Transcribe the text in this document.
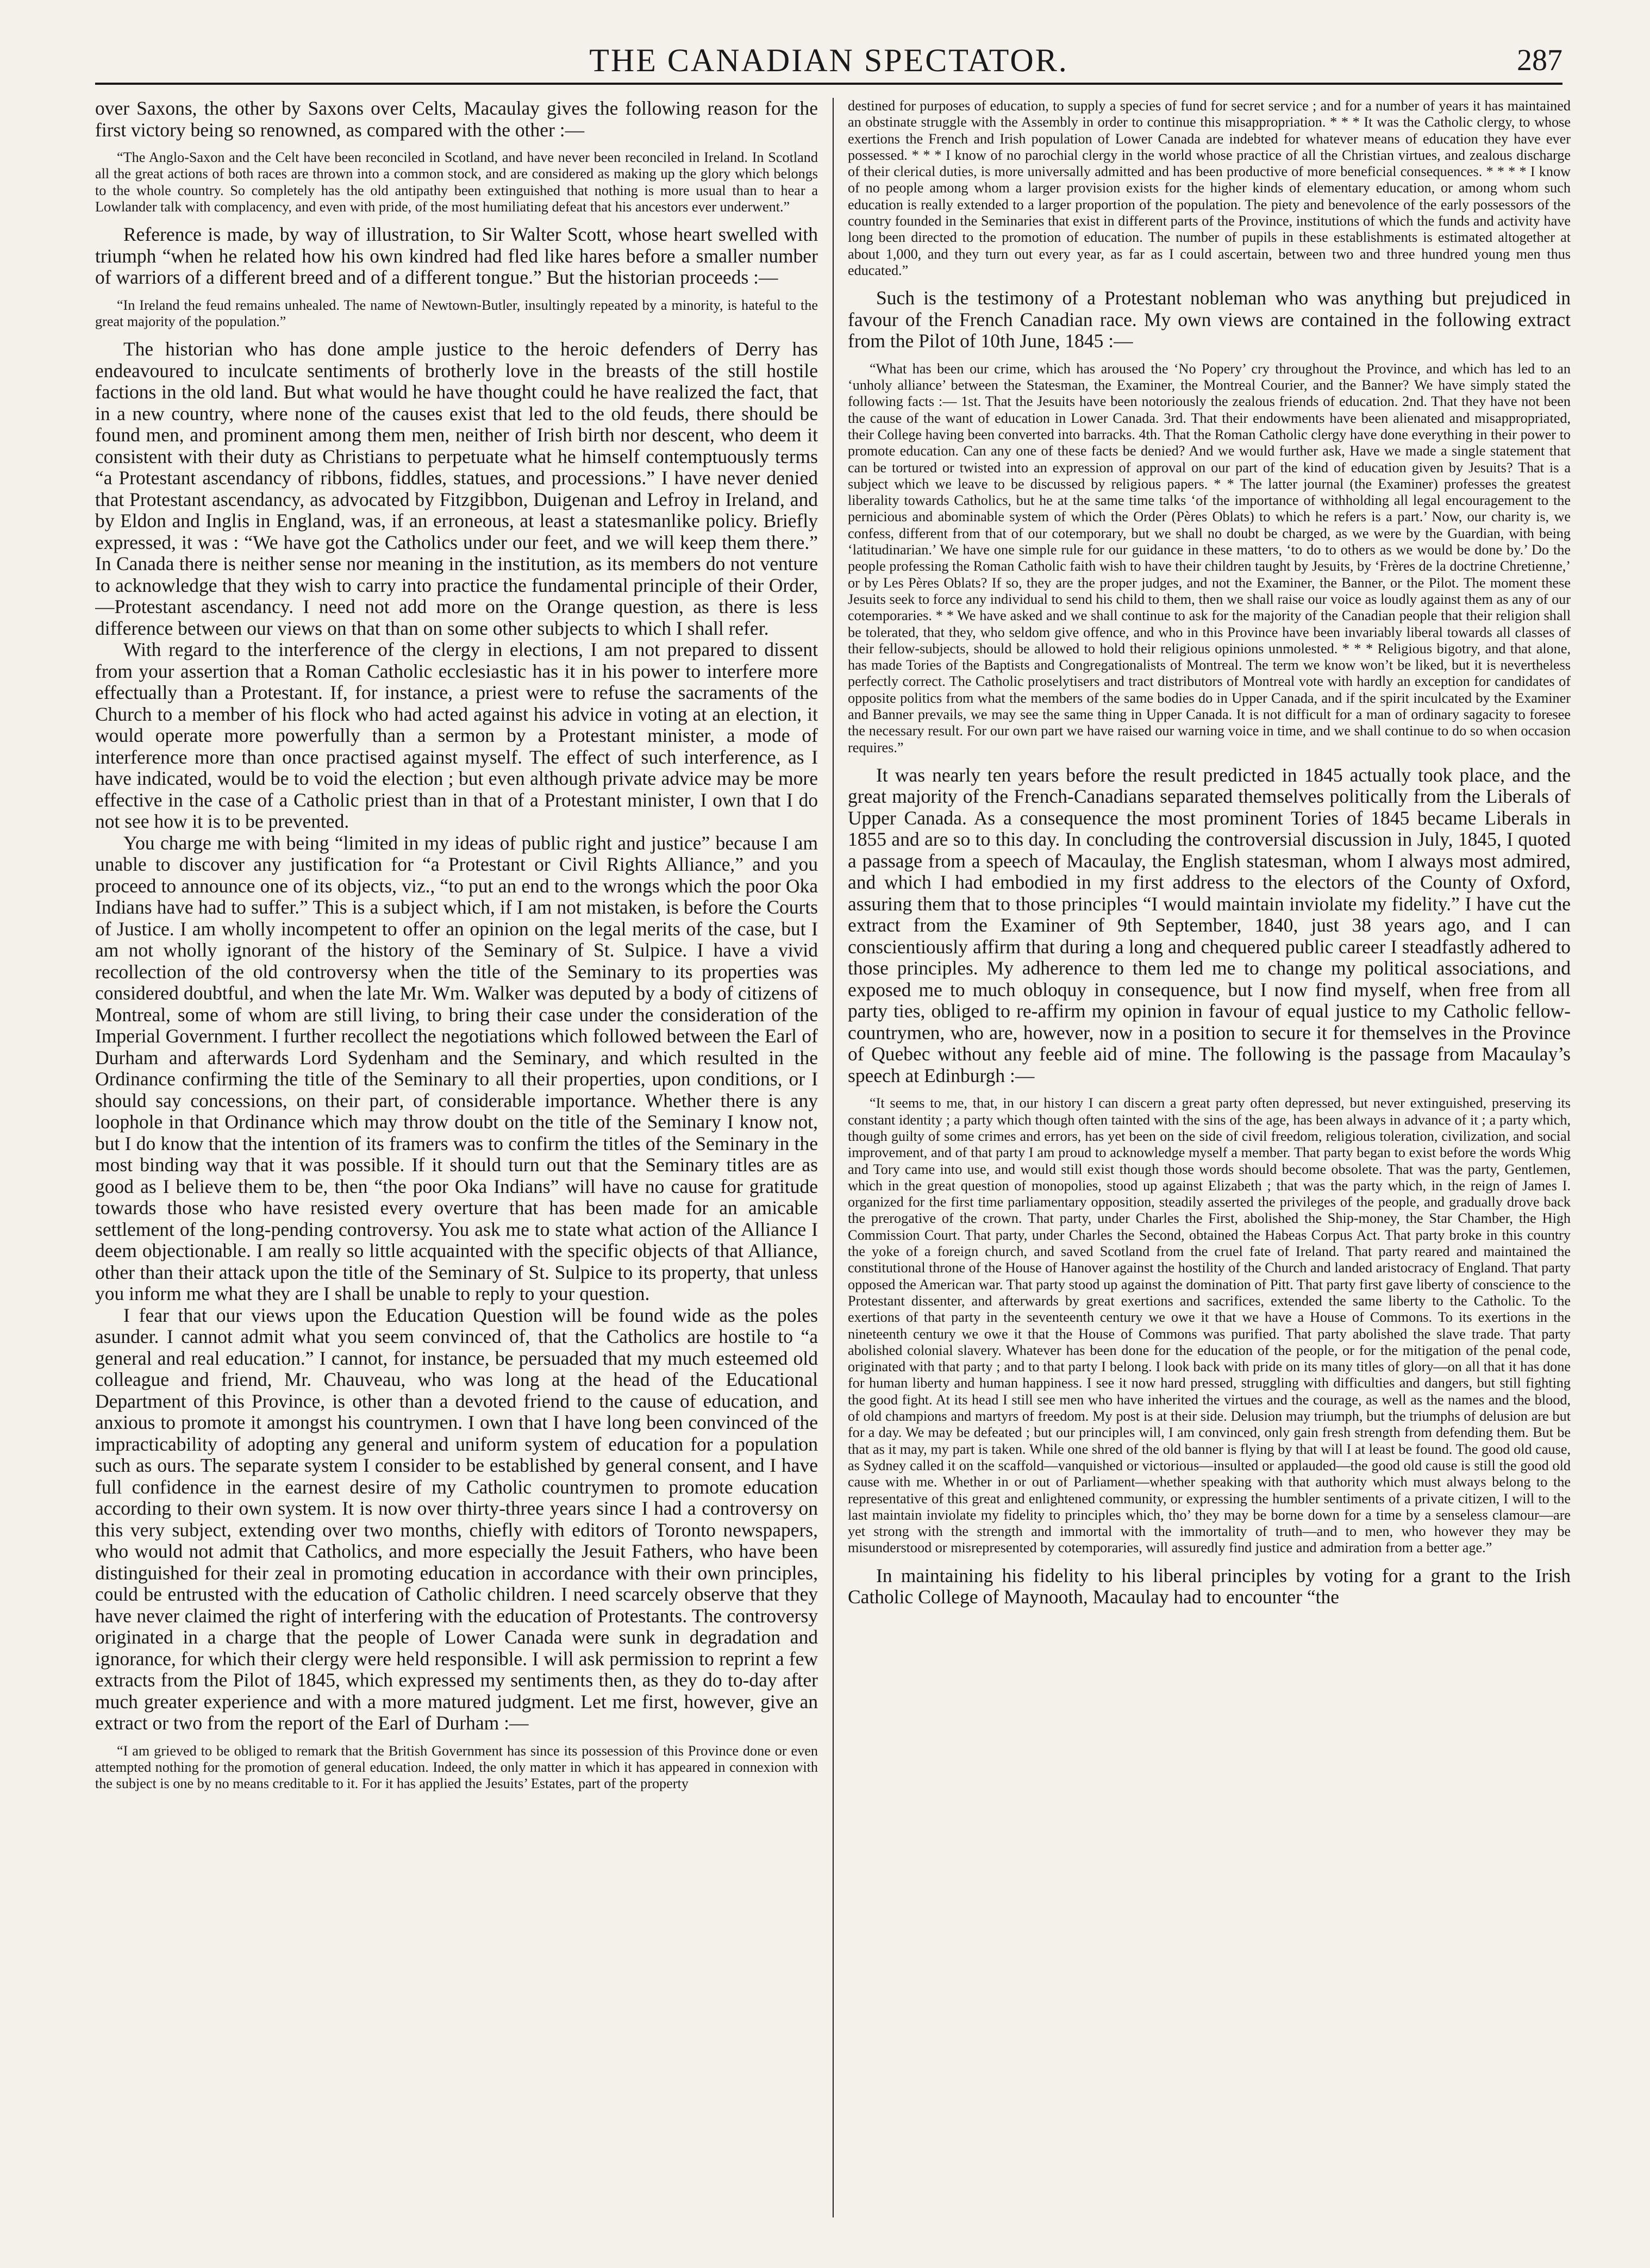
THE CANADIAN SPECTATOR.	287

over Saxons, the other by Saxons over Celts, Macaulay gives the following reason for the first victory being so renowned, as compared with the other :—

“The Anglo-Saxon and the Celt have been reconciled in Scotland, and have never been reconciled in Ireland. In Scotland all the great actions of both races are thrown into a common stock, and are considered as making up the glory which belongs to the whole country. So completely has the old antipathy been extinguished that nothing is more usual than to hear a Lowlander talk with complacency, and even with pride, of the most humiliating defeat that his ancestors ever underwent.”

Reference is made, by way of illustration, to Sir Walter Scott, whose heart swelled with triumph “when he related how his own kindred had fled like hares before a smaller number of warriors of a different breed and of a different tongue.” But the historian proceeds :—

“In Ireland the feud remains unhealed. The name of Newtown-Butler, insultingly repeated by a minority, is hateful to the great majority of the population.”

The historian who has done ample justice to the heroic defenders of Derry has endeavoured to inculcate sentiments of brotherly love in the breasts of the still hostile factions in the old land. But what would he have thought could he have realized the fact, that in a new country, where none of the causes exist that led to the old feuds, there should be found men, and prominent among them men, neither of Irish birth nor descent, who deem it consistent with their duty as Christians to perpetuate what he himself contemptuously terms “a Protestant ascendancy of ribbons, fiddles, statues, and processions.” I have never denied that Protestant ascendancy, as advocated by Fitzgibbon, Duigenan and Lefroy in Ireland, and by Eldon and Inglis in England, was, if an erroneous, at least a statesmanlike policy. Briefly expressed, it was : “We have got the Catholics under our feet, and we will keep them there.” In Canada there is neither sense nor meaning in the institution, as its members do not venture to acknowledge that they wish to carry into practice the fundamental principle of their Order,—Protestant ascendancy. I need not add more on the Orange question, as there is less difference between our views on that than on some other subjects to which I shall refer.

With regard to the interference of the clergy in elections, I am not prepared to dissent from your assertion that a Roman Catholic ecclesiastic has it in his power to interfere more effectually than a Protestant. If, for instance, a priest were to refuse the sacraments of the Church to a member of his flock who had acted against his advice in voting at an election, it would operate more powerfully than a sermon by a Protestant minister, a mode of interference more than once practised against myself. The effect of such interference, as I have indicated, would be to void the election ; but even although private advice may be more effective in the case of a Catholic priest than in that of a Protestant minister, I own that I do not see how it is to be prevented.

You charge me with being “limited in my ideas of public right and justice” because I am unable to discover any justification for “a Protestant or Civil Rights Alliance,” and you proceed to announce one of its objects, viz., “to put an end to the wrongs which the poor Oka Indians have had to suffer.” This is a subject which, if I am not mistaken, is before the Courts of Justice. I am wholly incompetent to offer an opinion on the legal merits of the case, but I am not wholly ignorant of the history of the Seminary of St. Sulpice. I have a vivid recollection of the old controversy when the title of the Seminary to its properties was considered doubtful, and when the late Mr. Wm. Walker was deputed by a body of citizens of Montreal, some of whom are still living, to bring their case under the consideration of the Imperial Government. I further recollect the negotiations which followed between the Earl of Durham and afterwards Lord Sydenham and the Seminary, and which resulted in the Ordinance confirming the title of the Seminary to all their properties, upon conditions, or I should say concessions, on their part, of considerable importance. Whether there is any loophole in that Ordinance which may throw doubt on the title of the Seminary I know not, but I do know that the intention of its framers was to confirm the titles of the Seminary in the most binding way that it was possible. If it should turn out that the Seminary titles are as good as I believe them to be, then “the poor Oka Indians” will have no cause for gratitude towards those who have resisted every overture that has been made for an amicable settlement of the long-pending controversy. You ask me to state what action of the Alliance I deem objectionable. I am really so little acquainted with the specific objects of that Alliance, other than their attack upon the title of the Seminary of St. Sulpice to its property, that unless you inform me what they are I shall be unable to reply to your question.

I fear that our views upon the Education Question will be found wide as the poles asunder. I cannot admit what you seem convinced of, that the Catholics are hostile to “a general and real education.” I cannot, for instance, be persuaded that my much esteemed old colleague and friend, Mr. Chauveau, who was long at the head of the Educational Department of this Province, is other than a devoted friend to the cause of education, and anxious to promote it amongst his countrymen. I own that I have long been convinced of the impracticability of adopting any general and uniform system of education for a population such as ours. The separate system I consider to be established by general consent, and I have full confidence in the earnest desire of my Catholic countrymen to promote education according to their own system. It is now over thirty-three years since I had a controversy on this very subject, extending over two months, chiefly with editors of Toronto newspapers, who would not admit that Catholics, and more especially the Jesuit Fathers, who have been distinguished for their zeal in promoting education in accordance with their own principles, could be entrusted with the education of Catholic children. I need scarcely observe that they have never claimed the right of interfering with the education of Protestants. The controversy originated in a charge that the people of Lower Canada were sunk in degradation and ignorance, for which their clergy were held responsible. I will ask permission to reprint a few extracts from the Pilot of 1845, which expressed my sentiments then, as they do to-day after much greater experience and with a more matured judgment. Let me first, however, give an extract or two from the report of the Earl of Durham :—

“I am grieved to be obliged to remark that the British Government has since its possession of this Province done or even attempted nothing for the promotion of general education. Indeed, the only matter in which it has appeared in connexion with the subject is one by no means creditable to it. For it has applied the Jesuits’ Estates, part of the property

destined for purposes of education, to supply a species of fund for secret service ; and for a number of years it has maintained an obstinate struggle with the Assembly in order to continue this misappropriation. * * * It was the Catholic clergy, to whose exertions the French and Irish population of Lower Canada are indebted for whatever means of education they have ever possessed. * * * I know of no parochial clergy in the world whose practice of all the Christian virtues, and zealous discharge of their clerical duties, is more universally admitted and has been productive of more beneficial consequences. * * * * I know of no people among whom a larger provision exists for the higher kinds of elementary education, or among whom such education is really extended to a larger proportion of the population. The piety and benevolence of the early possessors of the country founded in the Seminaries that exist in different parts of the Province, institutions of which the funds and activity have long been directed to the promotion of education. The number of pupils in these establishments is estimated altogether at about 1,000, and they turn out every year, as far as I could ascertain, between two and three hundred young men thus educated.”

Such is the testimony of a Protestant nobleman who was anything but prejudiced in favour of the French Canadian race. My own views are contained in the following extract from the Pilot of 10th June, 1845 :—

“What has been our crime, which has aroused the ‘No Popery’ cry throughout the Province, and which has led to an ‘unholy alliance’ between the Statesman, the Examiner, the Montreal Courier, and the Banner? We have simply stated the following facts :— 1st. That the Jesuits have been notoriously the zealous friends of education. 2nd. That they have not been the cause of the want of education in Lower Canada. 3rd. That their endowments have been alienated and misappropriated, their College having been converted into barracks. 4th. That the Roman Catholic clergy have done everything in their power to promote education. Can any one of these facts be denied? And we would further ask, Have we made a single statement that can be tortured or twisted into an expression of approval on our part of the kind of education given by Jesuits? That is a subject which we leave to be discussed by religious papers. * * The latter journal (the Examiner) professes the greatest liberality towards Catholics, but he at the same time talks ‘of the importance of withholding all legal encouragement to the pernicious and abominable system of which the Order (Pères Oblats) to which he refers is a part.’ Now, our charity is, we confess, different from that of our cotemporary, but we shall no doubt be charged, as we were by the Guardian, with being ‘latitudinarian.’ We have one simple rule for our guidance in these matters, ‘to do to others as we would be done by.’ Do the people professing the Roman Catholic faith wish to have their children taught by Jesuits, by ‘Frères de la doctrine Chretienne,’ or by Les Pères Oblats? If so, they are the proper judges, and not the Examiner, the Banner, or the Pilot. The moment these Jesuits seek to force any individual to send his child to them, then we shall raise our voice as loudly against them as any of our cotemporaries. * * We have asked and we shall continue to ask for the majority of the Canadian people that their religion shall be tolerated, that they, who seldom give offence, and who in this Province have been invariably liberal towards all classes of their fellow-subjects, should be allowed to hold their religious opinions unmolested. * * * Religious bigotry, and that alone, has made Tories of the Baptists and Congregationalists of Montreal. The term we know won’t be liked, but it is nevertheless perfectly correct. The Catholic proselytisers and tract distributors of Montreal vote with hardly an exception for candidates of opposite politics from what the members of the same bodies do in Upper Canada, and if the spirit inculcated by the Examiner and Banner prevails, we may see the same thing in Upper Canada. It is not difficult for a man of ordinary sagacity to foresee the necessary result. For our own part we have raised our warning voice in time, and we shall continue to do so when occasion requires.”

It was nearly ten years before the result predicted in 1845 actually took place, and the great majority of the French-Canadians separated themselves politically from the Liberals of Upper Canada. As a consequence the most prominent Tories of 1845 became Liberals in 1855 and are so to this day. In concluding the controversial discussion in July, 1845, I quoted a passage from a speech of Macaulay, the English statesman, whom I always most admired, and which I had embodied in my first address to the electors of the County of Oxford, assuring them that to those principles “I would maintain inviolate my fidelity.” I have cut the extract from the Examiner of 9th September, 1840, just 38 years ago, and I can conscientiously affirm that during a long and chequered public career I steadfastly adhered to those principles. My adherence to them led me to change my political associations, and exposed me to much obloquy in consequence, but I now find myself, when free from all party ties, obliged to re-affirm my opinion in favour of equal justice to my Catholic fellow-countrymen, who are, however, now in a position to secure it for themselves in the Province of Quebec without any feeble aid of mine. The following is the passage from Macaulay’s speech at Edinburgh :—

“It seems to me, that, in our history I can discern a great party often depressed, but never extinguished, preserving its constant identity ; a party which though often tainted with the sins of the age, has been always in advance of it ; a party which, though guilty of some crimes and errors, has yet been on the side of civil freedom, religious toleration, civilization, and social improvement, and of that party I am proud to acknowledge myself a member. That party began to exist before the words Whig and Tory came into use, and would still exist though those words should become obsolete. That was the party, Gentlemen, which in the great question of monopolies, stood up against Elizabeth ; that was the party which, in the reign of James I. organized for the first time parliamentary opposition, steadily asserted the privileges of the people, and gradually drove back the prerogative of the crown. That party, under Charles the First, abolished the Ship-money, the Star Chamber, the High Commission Court. That party, under Charles the Second, obtained the Habeas Corpus Act. That party broke in this country the yoke of a foreign church, and saved Scotland from the cruel fate of Ireland. That party reared and maintained the constitutional throne of the House of Hanover against the hostility of the Church and landed aristocracy of England. That party opposed the American war. That party stood up against the domination of Pitt. That party first gave liberty of conscience to the Protestant dissenter, and afterwards by great exertions and sacrifices, extended the same liberty to the Catholic. To the exertions of that party in the seventeenth century we owe it that we have a House of Commons. To its exertions in the nineteenth century we owe it that the House of Commons was purified. That party abolished the slave trade. That party abolished colonial slavery. Whatever has been done for the education of the people, or for the mitigation of the penal code, originated with that party ; and to that party I belong. I look back with pride on its many titles of glory—on all that it has done for human liberty and human happiness. I see it now hard pressed, struggling with difficulties and dangers, but still fighting the good fight. At its head I still see men who have inherited the virtues and the courage, as well as the names and the blood, of old champions and martyrs of freedom. My post is at their side. Delusion may triumph, but the triumphs of delusion are but for a day. We may be defeated ; but our principles will, I am convinced, only gain fresh strength from defending them. But be that as it may, my part is taken. While one shred of the old banner is flying by that will I at least be found. The good old cause, as Sydney called it on the scaffold—vanquished or victorious—insulted or applauded—the good old cause is still the good old cause with me. Whether in or out of Parliament—whether speaking with that authority which must always belong to the representative of this great and enlightened community, or expressing the humbler sentiments of a private citizen, I will to the last maintain inviolate my fidelity to principles which, tho’ they may be borne down for a time by a senseless clamour—are yet strong with the strength and immortal with the immortality of truth—and to men, who however they may be misunderstood or misrepresented by cotemporaries, will assuredly find justice and admiration from a better age.”

In maintaining his fidelity to his liberal principles by voting for a grant to the Irish Catholic College of Maynooth, Macaulay had to encounter “the
